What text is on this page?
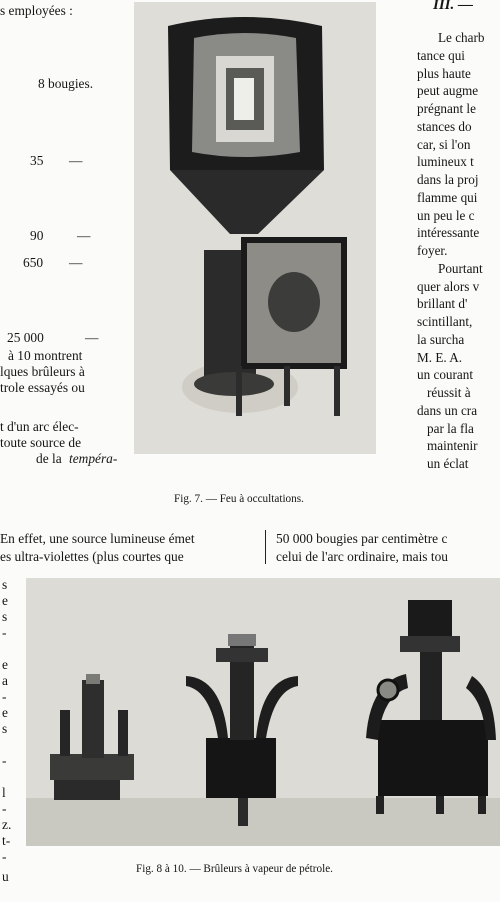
III. —
s employées :
8 bougies.
35 —
90	—
650 —
25 000	—
à 10 montrent
lques brûleurs à
trole essayés ou
t d'un arc élec-
toute source de
de la tempéra-
Fig. 7. — Feu à occultations.
Le charb
tance qui
plus haute
peut augme
prégnant le
stances do
car, si l'on
lumineux t
dans la proj
flamme qui
un peu le c
intéressante
foyer.
Pourtant
quer alors v
brillant d'
scintillant,
la surcha
M. E. A.
un courant
réussit à
dans un cra
par la fla
maintenir
un éclat
En effet, une source lumineuse émet
es ultra-violettes (plus courtes que
50 000 bougies par centimètre c
celui de l'arc ordinaire, mais tou
s
e
s
-
e
a
-
e
s
-
l
-
z.
t-
-
u	Fig. 8 à 10. — Brûleurs à vapeur de pétrole.
